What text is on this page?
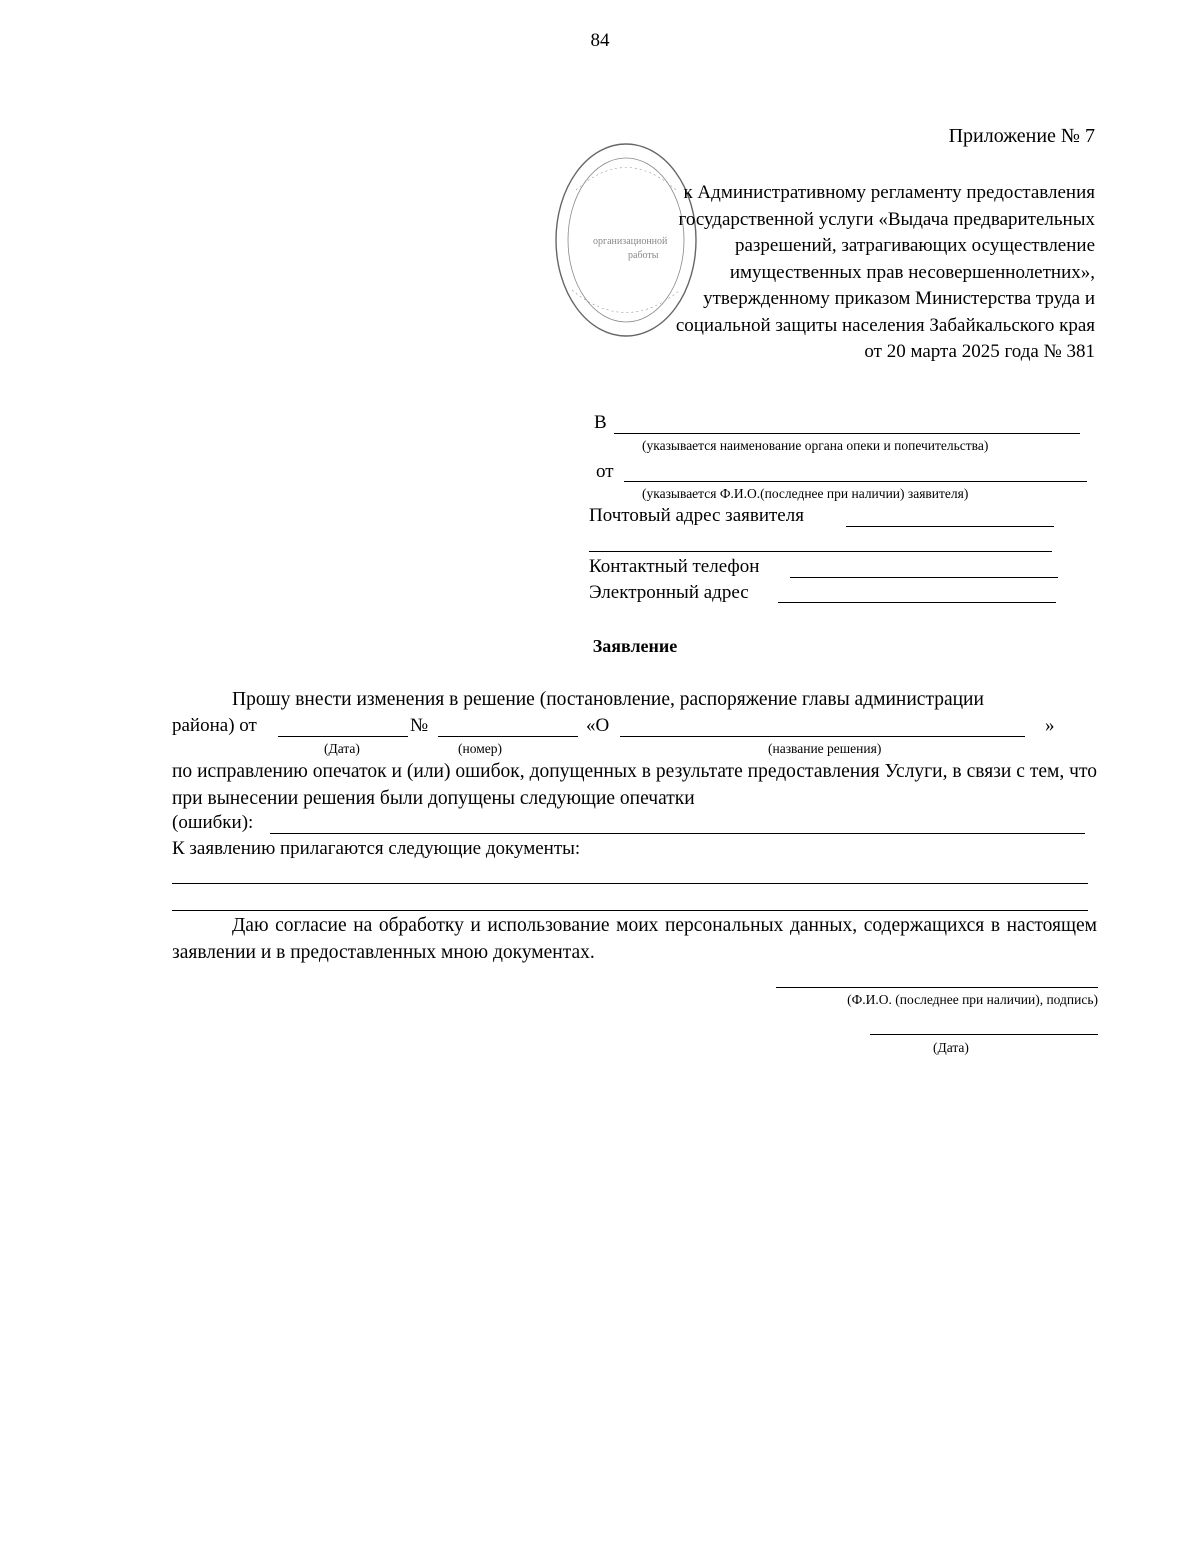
84
организационной
работы
Приложение № 7
к Административному регламенту предоставления
государственной услуги «Выдача предварительных
разрешений, затрагивающих осуществление
имущественных прав несовершеннолетних»,
утвержденному приказом Министерства труда и
социальной защиты населения Забайкальского края
от 20 марта 2025 года № 381
В
(указывается наименование органа опеки и попечительства)
от
(указывается Ф.И.О.(последнее при наличии) заявителя)
Почтовый адрес заявителя
Контактный телефон
Электронный адрес
Заявление
Прошу внести изменения в решение (постановление, распоряжение главы администрации
района) от	№	«О	»
(Дата)	(номер)	(название решения)
по исправлению опечаток и (или) ошибок, допущенных в результате предоставления Услуги, в связи с тем, что при вынесении решения были допущены следующие опечатки
(ошибки):
К заявлению прилагаются следующие документы:
Даю согласие на обработку и использование моих персональных данных, содержащихся в настоящем заявлении и в предоставленных мною документах.
(Ф.И.О. (последнее при наличии), подпись)
(Дата)
